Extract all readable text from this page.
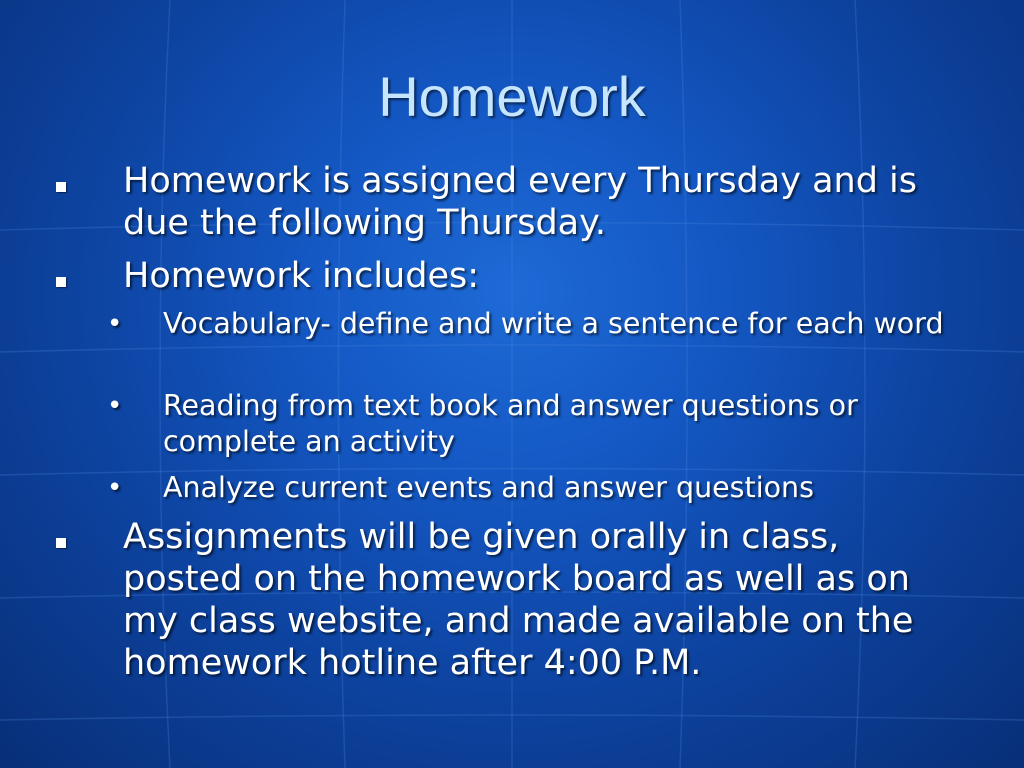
Homework
Homework is assigned every Thursday and is due the following Thursday.
Homework includes:
• Vocabulary- define and write a sentence for each word
• Reading from text book and answer questions or complete an activity
• Analyze current events and answer questions
Assignments will be given orally in class, posted on the homework board as well as on my class website, and made available on the homework hotline after 4:00 P.M.
